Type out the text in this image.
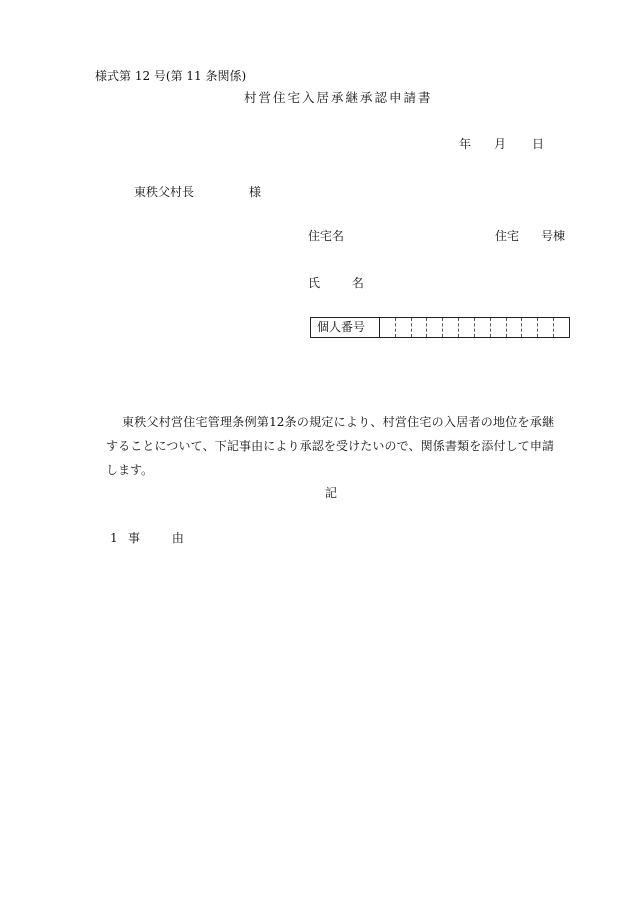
様式第 12 号(第 11 条関係)
村営住宅入居承継承認申請書
年 月 日
東秩父村長	様
住宅名	住宅 号棟
氏 名
個人番号
東秩父村営住宅管理条例第12条の規定により、村営住宅の入居者の地位を承継することについて、下記事由により承認を受けたいので、関係書類を添付して申請します。
記
1 事 由
